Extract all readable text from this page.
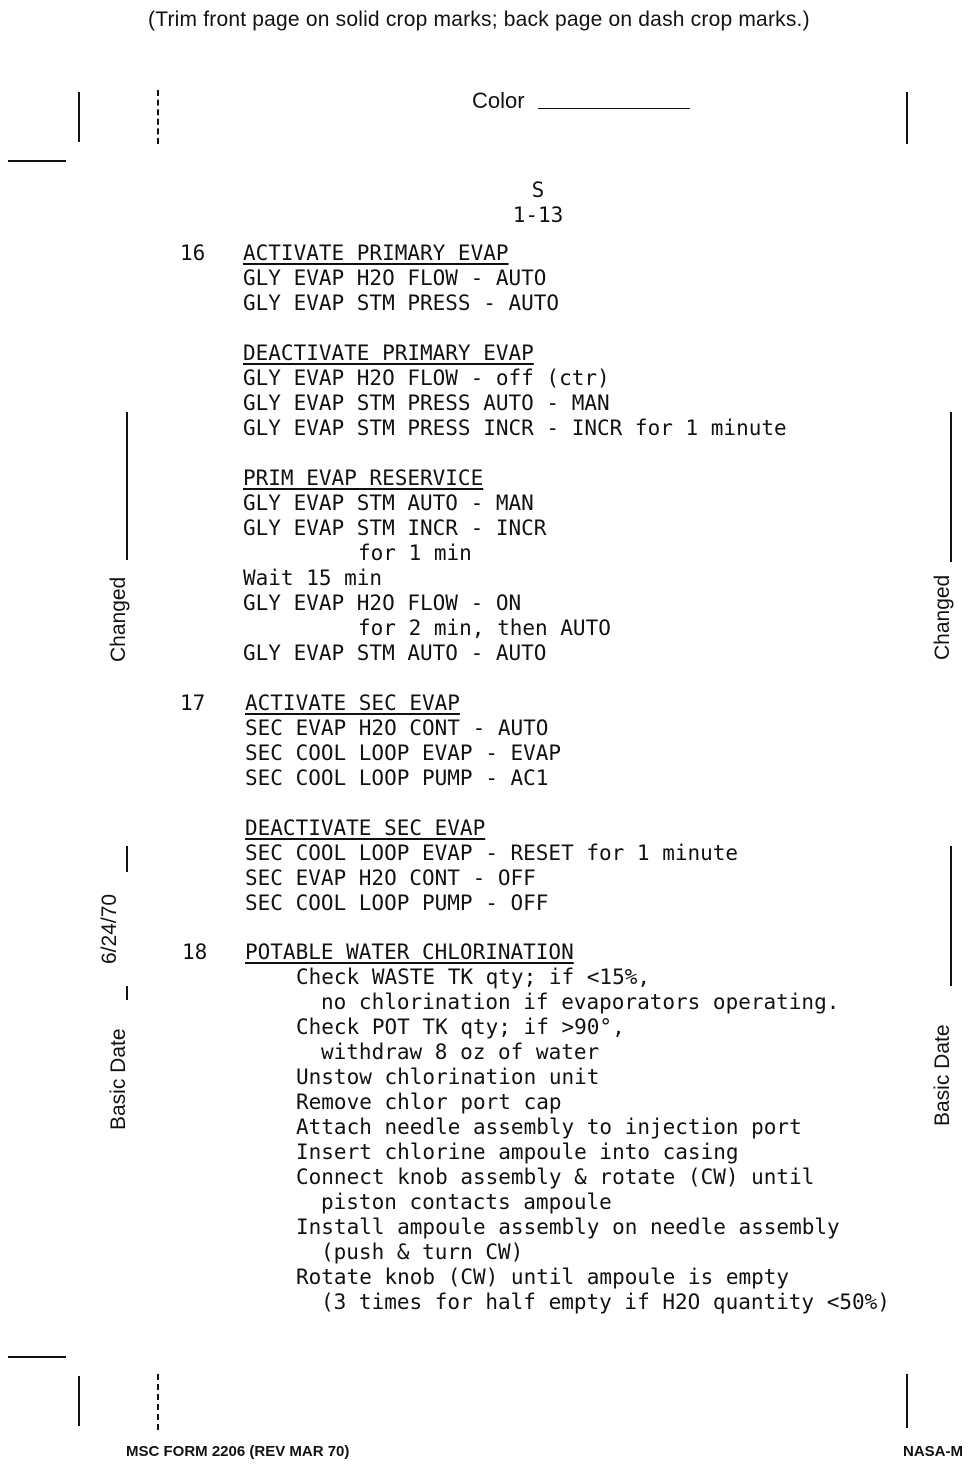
(Trim front page on solid crop marks; back page on dash crop marks.)
Color
S
1-13
Changed
Basic Date
6/24/70
Changed
Basic Date
16 ACTIVATE PRIMARY EVAP
GLY EVAP H2O FLOW - AUTO
GLY EVAP STM PRESS - AUTO
DEACTIVATE PRIMARY EVAP
GLY EVAP H2O FLOW - off (ctr)
GLY EVAP STM PRESS AUTO - MAN
GLY EVAP STM PRESS INCR - INCR for 1 minute
PRIM EVAP RESERVICE
GLY EVAP STM AUTO - MAN
GLY EVAP STM INCR - INCR
for 1 min
Wait 15 min
GLY EVAP H2O FLOW - ON
for 2 min, then AUTO
GLY EVAP STM AUTO - AUTO
17 ACTIVATE SEC EVAP
SEC EVAP H2O CONT - AUTO
SEC COOL LOOP EVAP - EVAP
SEC COOL LOOP PUMP - AC1
DEACTIVATE SEC EVAP
SEC COOL LOOP EVAP - RESET for 1 minute
SEC EVAP H2O CONT - OFF
SEC COOL LOOP PUMP - OFF
18 POTABLE WATER CHLORINATION
Check WASTE TK qty; if <15%,
no chlorination if evaporators operating.
Check POT TK qty; if >90°,
withdraw 8 oz of water
Unstow chlorination unit
Remove chlor port cap
Attach needle assembly to injection port
Insert chlorine ampoule into casing
Connect knob assembly & rotate (CW) until
piston contacts ampoule
Install ampoule assembly on needle assembly
(push & turn CW)
Rotate knob (CW) until ampoule is empty
(3 times for half empty if H2O quantity <50%)
MSC FORM 2206 (REV MAR 70)	NASA-M
